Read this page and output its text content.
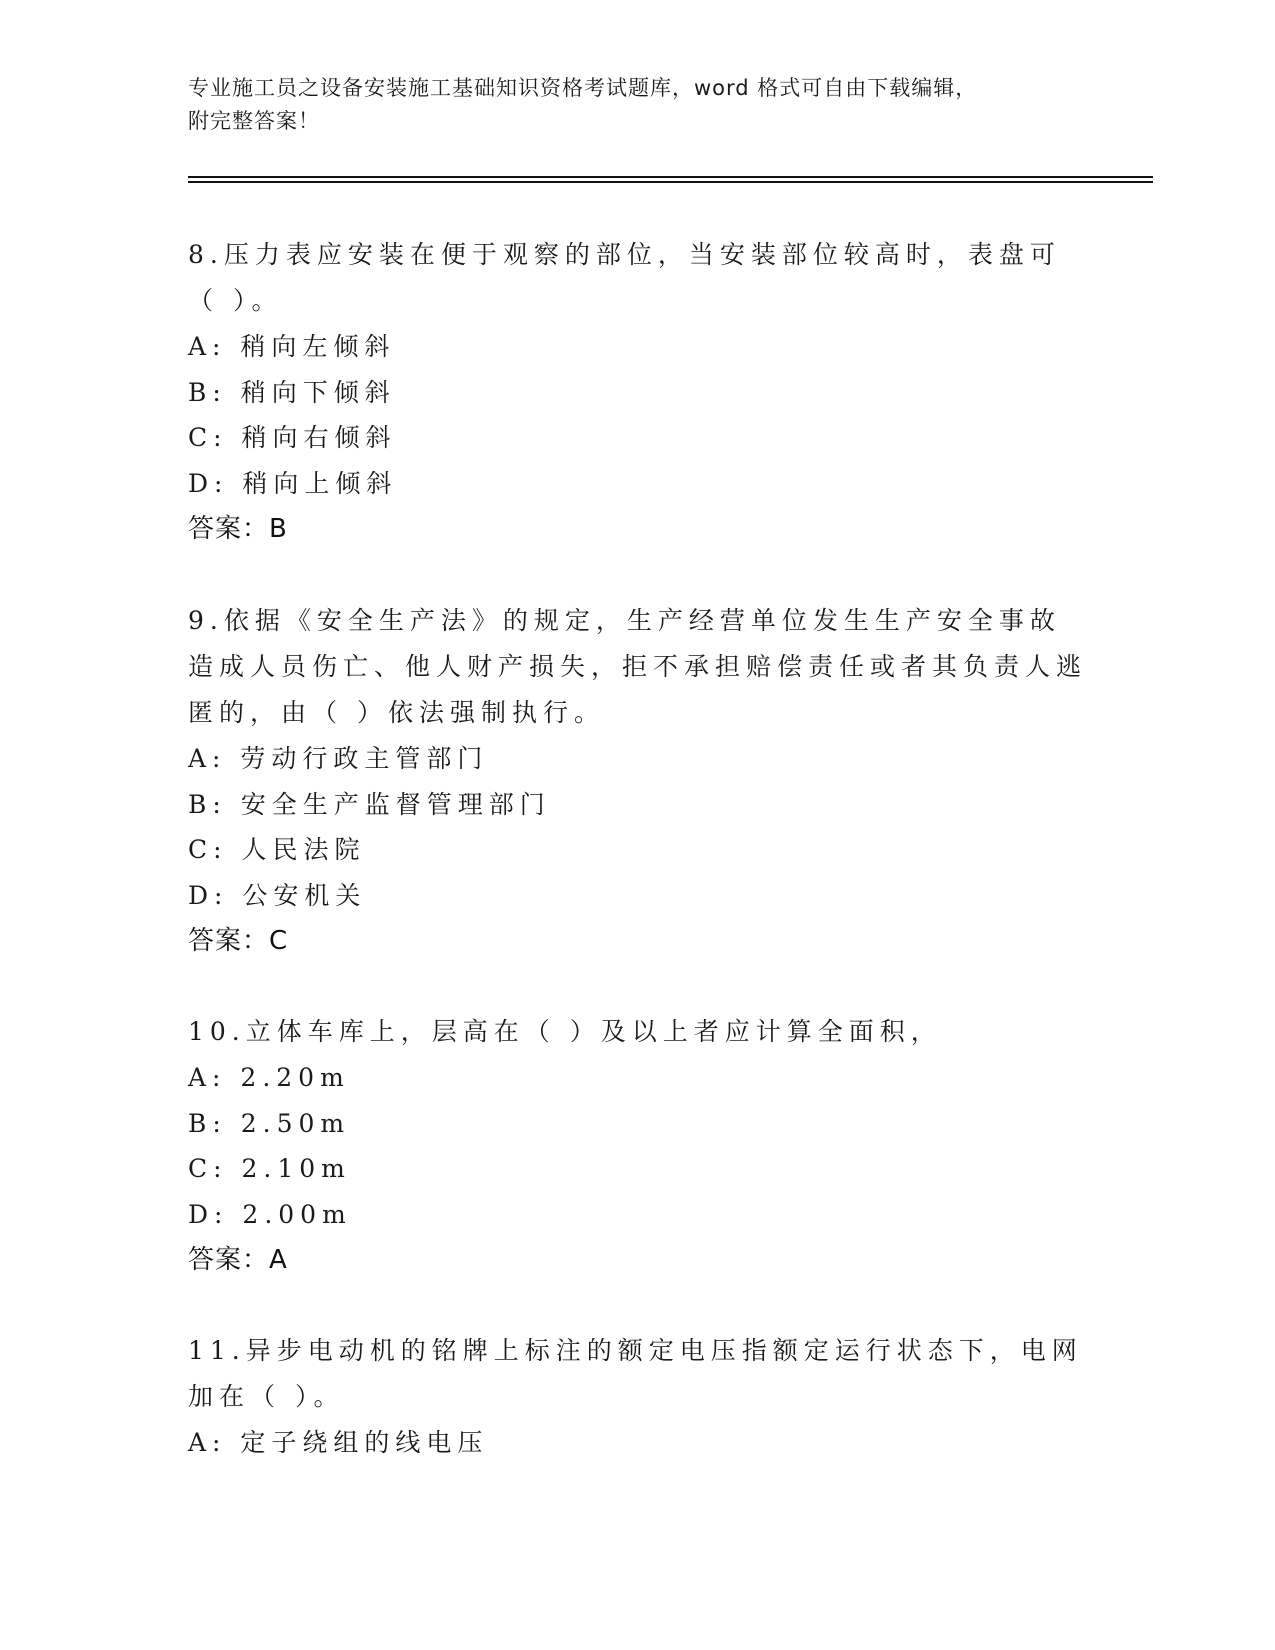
专业施工员之设备安装施工基础知识资格考试题库，word 格式可自由下载编辑，
附完整答案！

8.压力表应安装在便于观察的部位，当安装部位较高时，表盘可（ ）。

A: 稍向左倾斜
B: 稍向下倾斜
C: 稍向右倾斜
D: 稍向上倾斜
答案：B

9.依据《安全生产法》的规定，生产经营单位发生生产安全事故造成人员伤亡、他人财产损失，拒不承担赔偿责任或者其负责人逃匿的，由（ ）依法强制执行。

A: 劳动行政主管部门
B: 安全生产监督管理部门
C: 人民法院
D: 公安机关
答案：C

10.立体车库上，层高在（ ）及以上者应计算全面积，

A: 2.20m
B: 2.50m
C: 2.10m
D: 2.00m
答案：A

11.异步电动机的铭牌上标注的额定电压指额定运行状态下，电网加在（ ）。

A: 定子绕组的线电压
